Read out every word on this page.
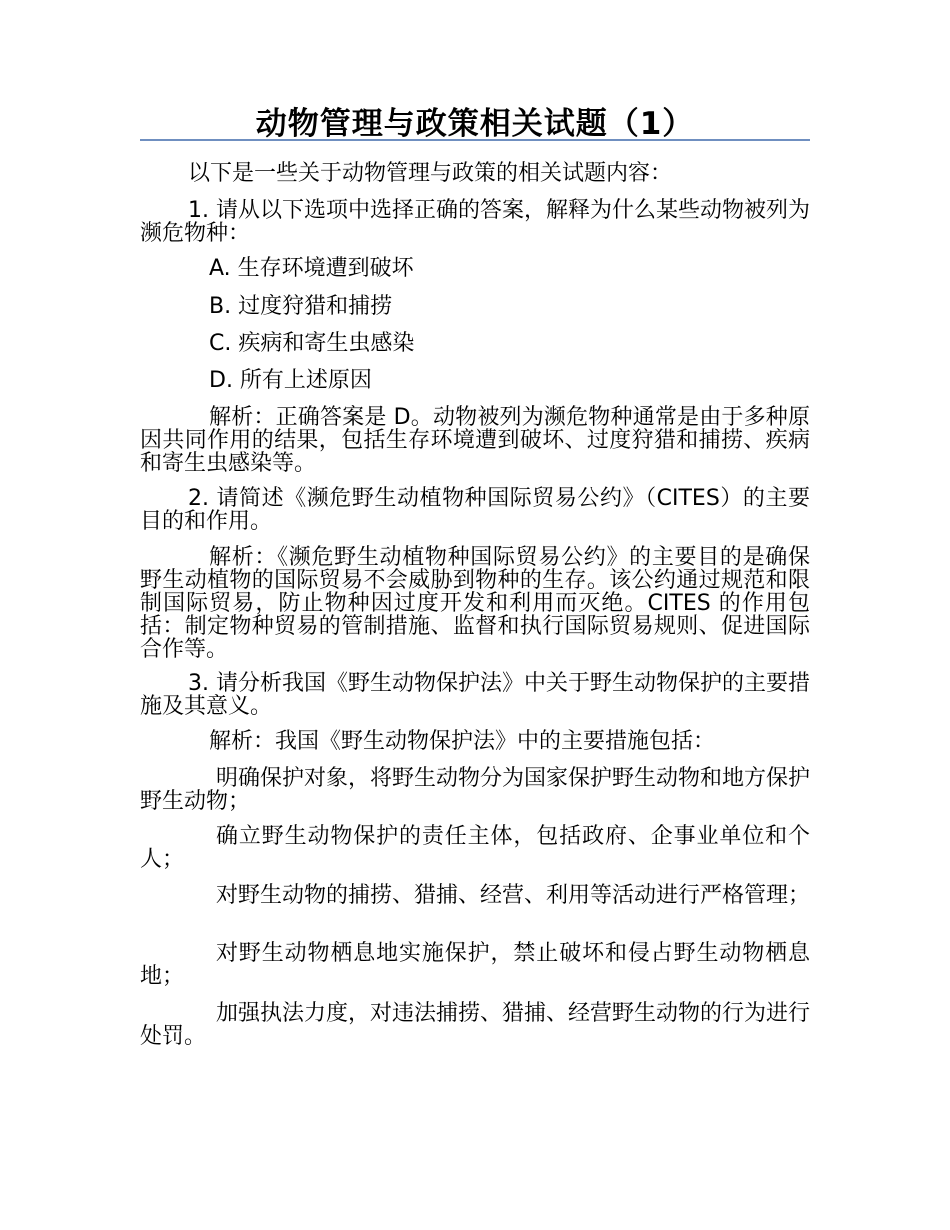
动物管理与政策相关试题（1）
以下是一些关于动物管理与政策的相关试题内容：

1. 请从以下选项中选择正确的答案，解释为什么某些动物被列为濒危物种：

A. 生存环境遭到破坏
B. 过度狩猎和捕捞
C. 疾病和寄生虫感染
D. 所有上述原因

解析：正确答案是 D。动物被列为濒危物种通常是由于多种原因共同作用的结果，包括生存环境遭到破坏、过度狩猎和捕捞、疾病和寄生虫感染等。

2. 请简述《濒危野生动植物种国际贸易公约》（CITES）的主要目的和作用。

解析：《濒危野生动植物种国际贸易公约》的主要目的是确保野生动植物的国际贸易不会威胁到物种的生存。该公约通过规范和限制国际贸易，防止物种因过度开发和利用而灭绝。CITES 的作用包括：制定物种贸易的管制措施、监督和执行国际贸易规则、促进国际合作等。

3. 请分析我国《野生动物保护法》中关于野生动物保护的主要措施及其意义。

解析：我国《野生动物保护法》中的主要措施包括：

明确保护对象，将野生动物分为国家保护野生动物和地方保护野生动物；

确立野生动物保护的责任主体，包括政府、企事业单位和个人；

对野生动物的捕捞、猎捕、经营、利用等活动进行严格管理；

对野生动物栖息地实施保护，禁止破坏和侵占野生动物栖息地；

加强执法力度，对违法捕捞、猎捕、经营野生动物的行为进行处罚。
